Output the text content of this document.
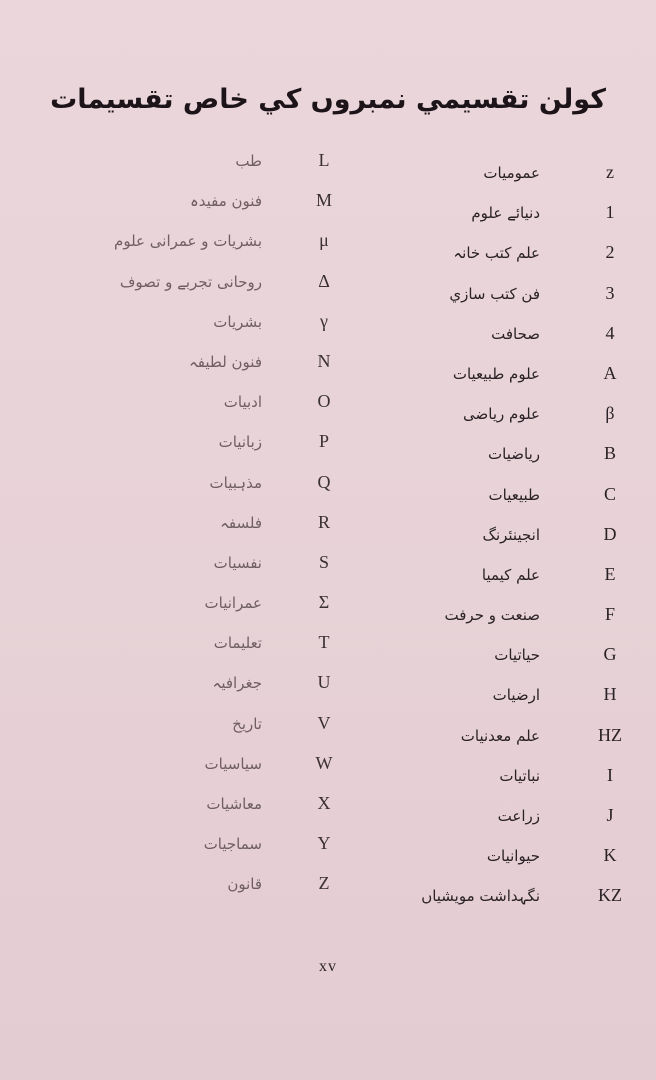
کولن تقسیمي نمبروں کي خاص تقسیمات
طب	L
فنون مفیدہ	M
بشریات و عمرانی علوم	μ
روحانی تجربے و تصوف	Δ
بشریات	γ
فنون لطیفہ	N
ادبیات	O
زبانیات	P
مذہبیات	Q
فلسفہ	R
نفسیات	S
عمرانیات	Σ
تعلیمات	T
جغرافیہ	U
تاریخ	V
سیاسیات	W
معاشیات	X
سماجیات	Y
قانون	Z
عمومیات	z
دنیائے علوم	1
علم کتب خانہ	2
فن کتب سازي	3
صحافت	4
علوم طبیعیات	A
علوم ریاضی	β
ریاضیات	B
طبیعیات	C
انجینئرنگ	D
علم کیمیا	E
صنعت و حرفت	F
حیاتیات	G
ارضیات	H
علم معدنیات	HZ
نباتیات	I
زراعت	J
حیوانیات	K
نگہداشت مویشیاں	KZ
xv
